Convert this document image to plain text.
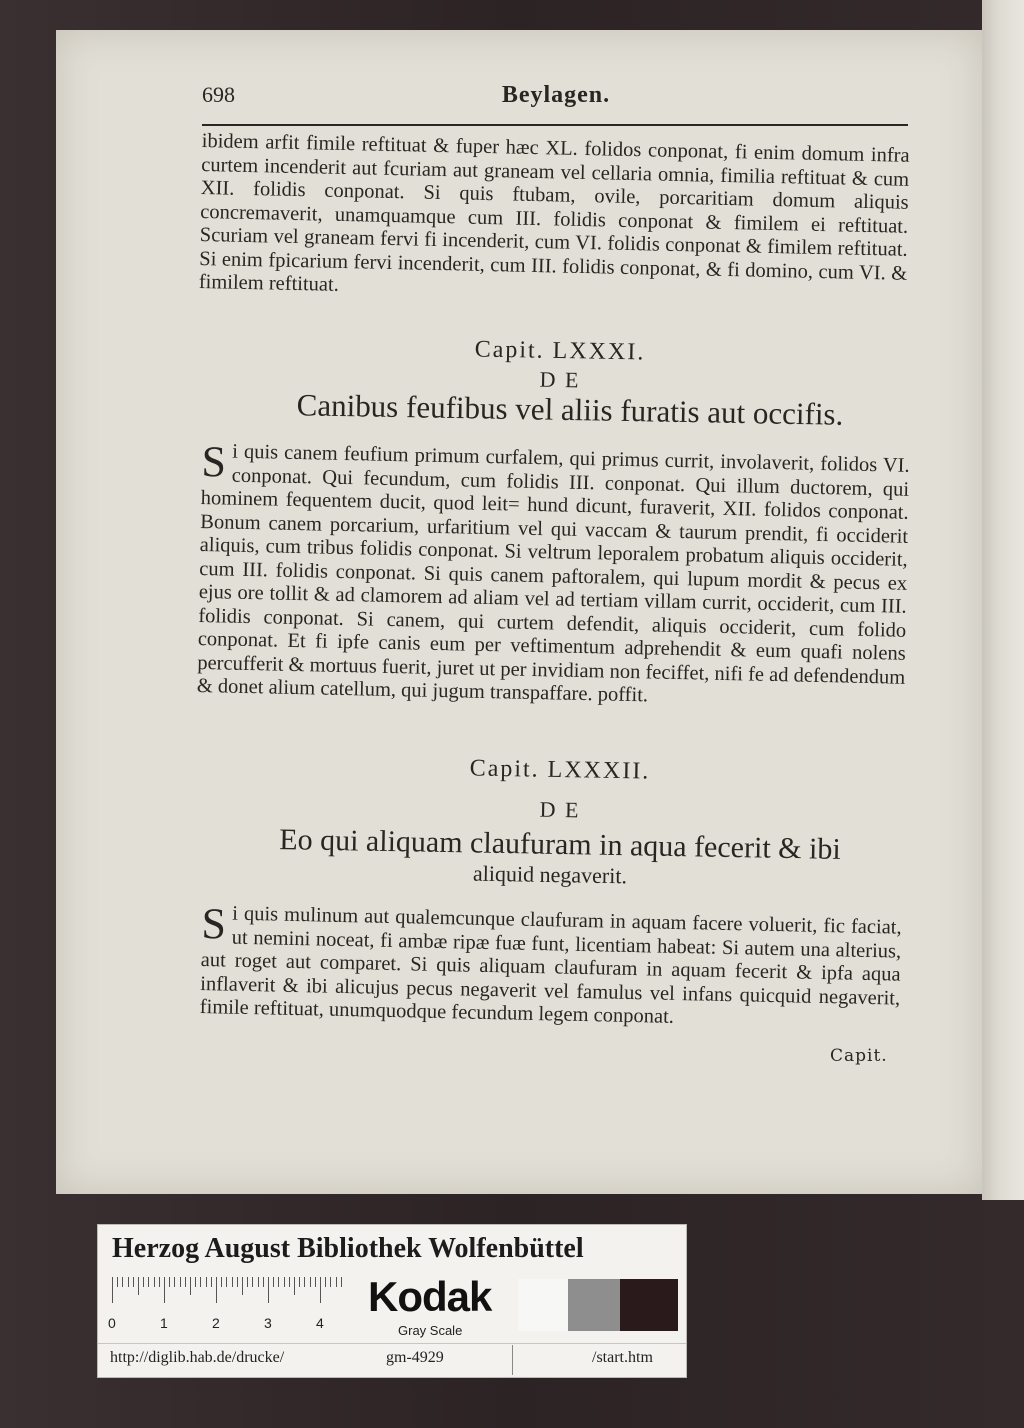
698	Beylagen.
ibidem arfit fimile reftituat & fuper hæc XL. folidos conponat, fi enim domum infra curtem incenderit aut fcuriam aut graneam vel cellaria omnia, fimilia reftituat & cum XII. folidis conponat. Si quis ftubam, ovile, porcaritiam domum aliquis concremaverit, unamquamque cum III. folidis conponat & fimilem ei reftituat. Scuriam vel graneam fervi fi incenderit, cum VI. folidis conponat & fimilem reftituat. Si enim fpicarium fervi incenderit, cum III. folidis conponat, & fi domino, cum VI. & fimilem reftituat.
Capit. LXXXI.
D E
Canibus feufibus vel aliis furatis aut occifis.
Si quis canem feufium primum curfalem, qui primus currit, involaverit, folidos VI. conponat. Qui fecundum, cum folidis III. conponat. Qui illum ductorem, qui hominem fequentem ducit, quod leit= hund dicunt, furaverit, XII. folidos conponat. Bonum canem porcarium, urfaritium vel qui vaccam & taurum prendit, fi occiderit aliquis, cum tribus folidis conponat. Si veltrum leporalem probatum aliquis occiderit, cum III. folidis conponat. Si quis canem paftoralem, qui lupum mordit & pecus ex ejus ore tollit & ad clamorem ad aliam vel ad tertiam villam currit, occiderit, cum III. folidis conponat. Si canem, qui curtem defendit, aliquis occiderit, cum folido conponat. Et fi ipfe canis eum per veftimentum adprehendit & eum quafi nolens percufferit & mortuus fuerit, juret ut per invidiam non feciffet, nifi fe ad defendendum & donet alium catellum, qui jugum transpaffare. poffit.
Capit. LXXXII.
D E
Eo qui aliquam claufuram in aqua fecerit & ibi
aliquid negaverit.
Si quis mulinum aut qualemcunque claufuram in aquam facere voluerit, fic faciat, ut nemini noceat, fi ambæ ripæ fuæ funt, licentiam habeat: Si autem una alterius, aut roget aut comparet. Si quis aliquam claufuram in aquam fecerit & ipfa aqua inflaverit & ibi alicujus pecus negaverit vel famulus vel infans quicquid negaverit, fimile reftituat, unumquodque fecundum legem conponat.
Capit.
Herzog August Bibliothek Wolfenbüttel
0	1	2	3	4
Kodak
Gray Scale
http://diglib.hab.de/drucke/	gm-4929	/start.htm
